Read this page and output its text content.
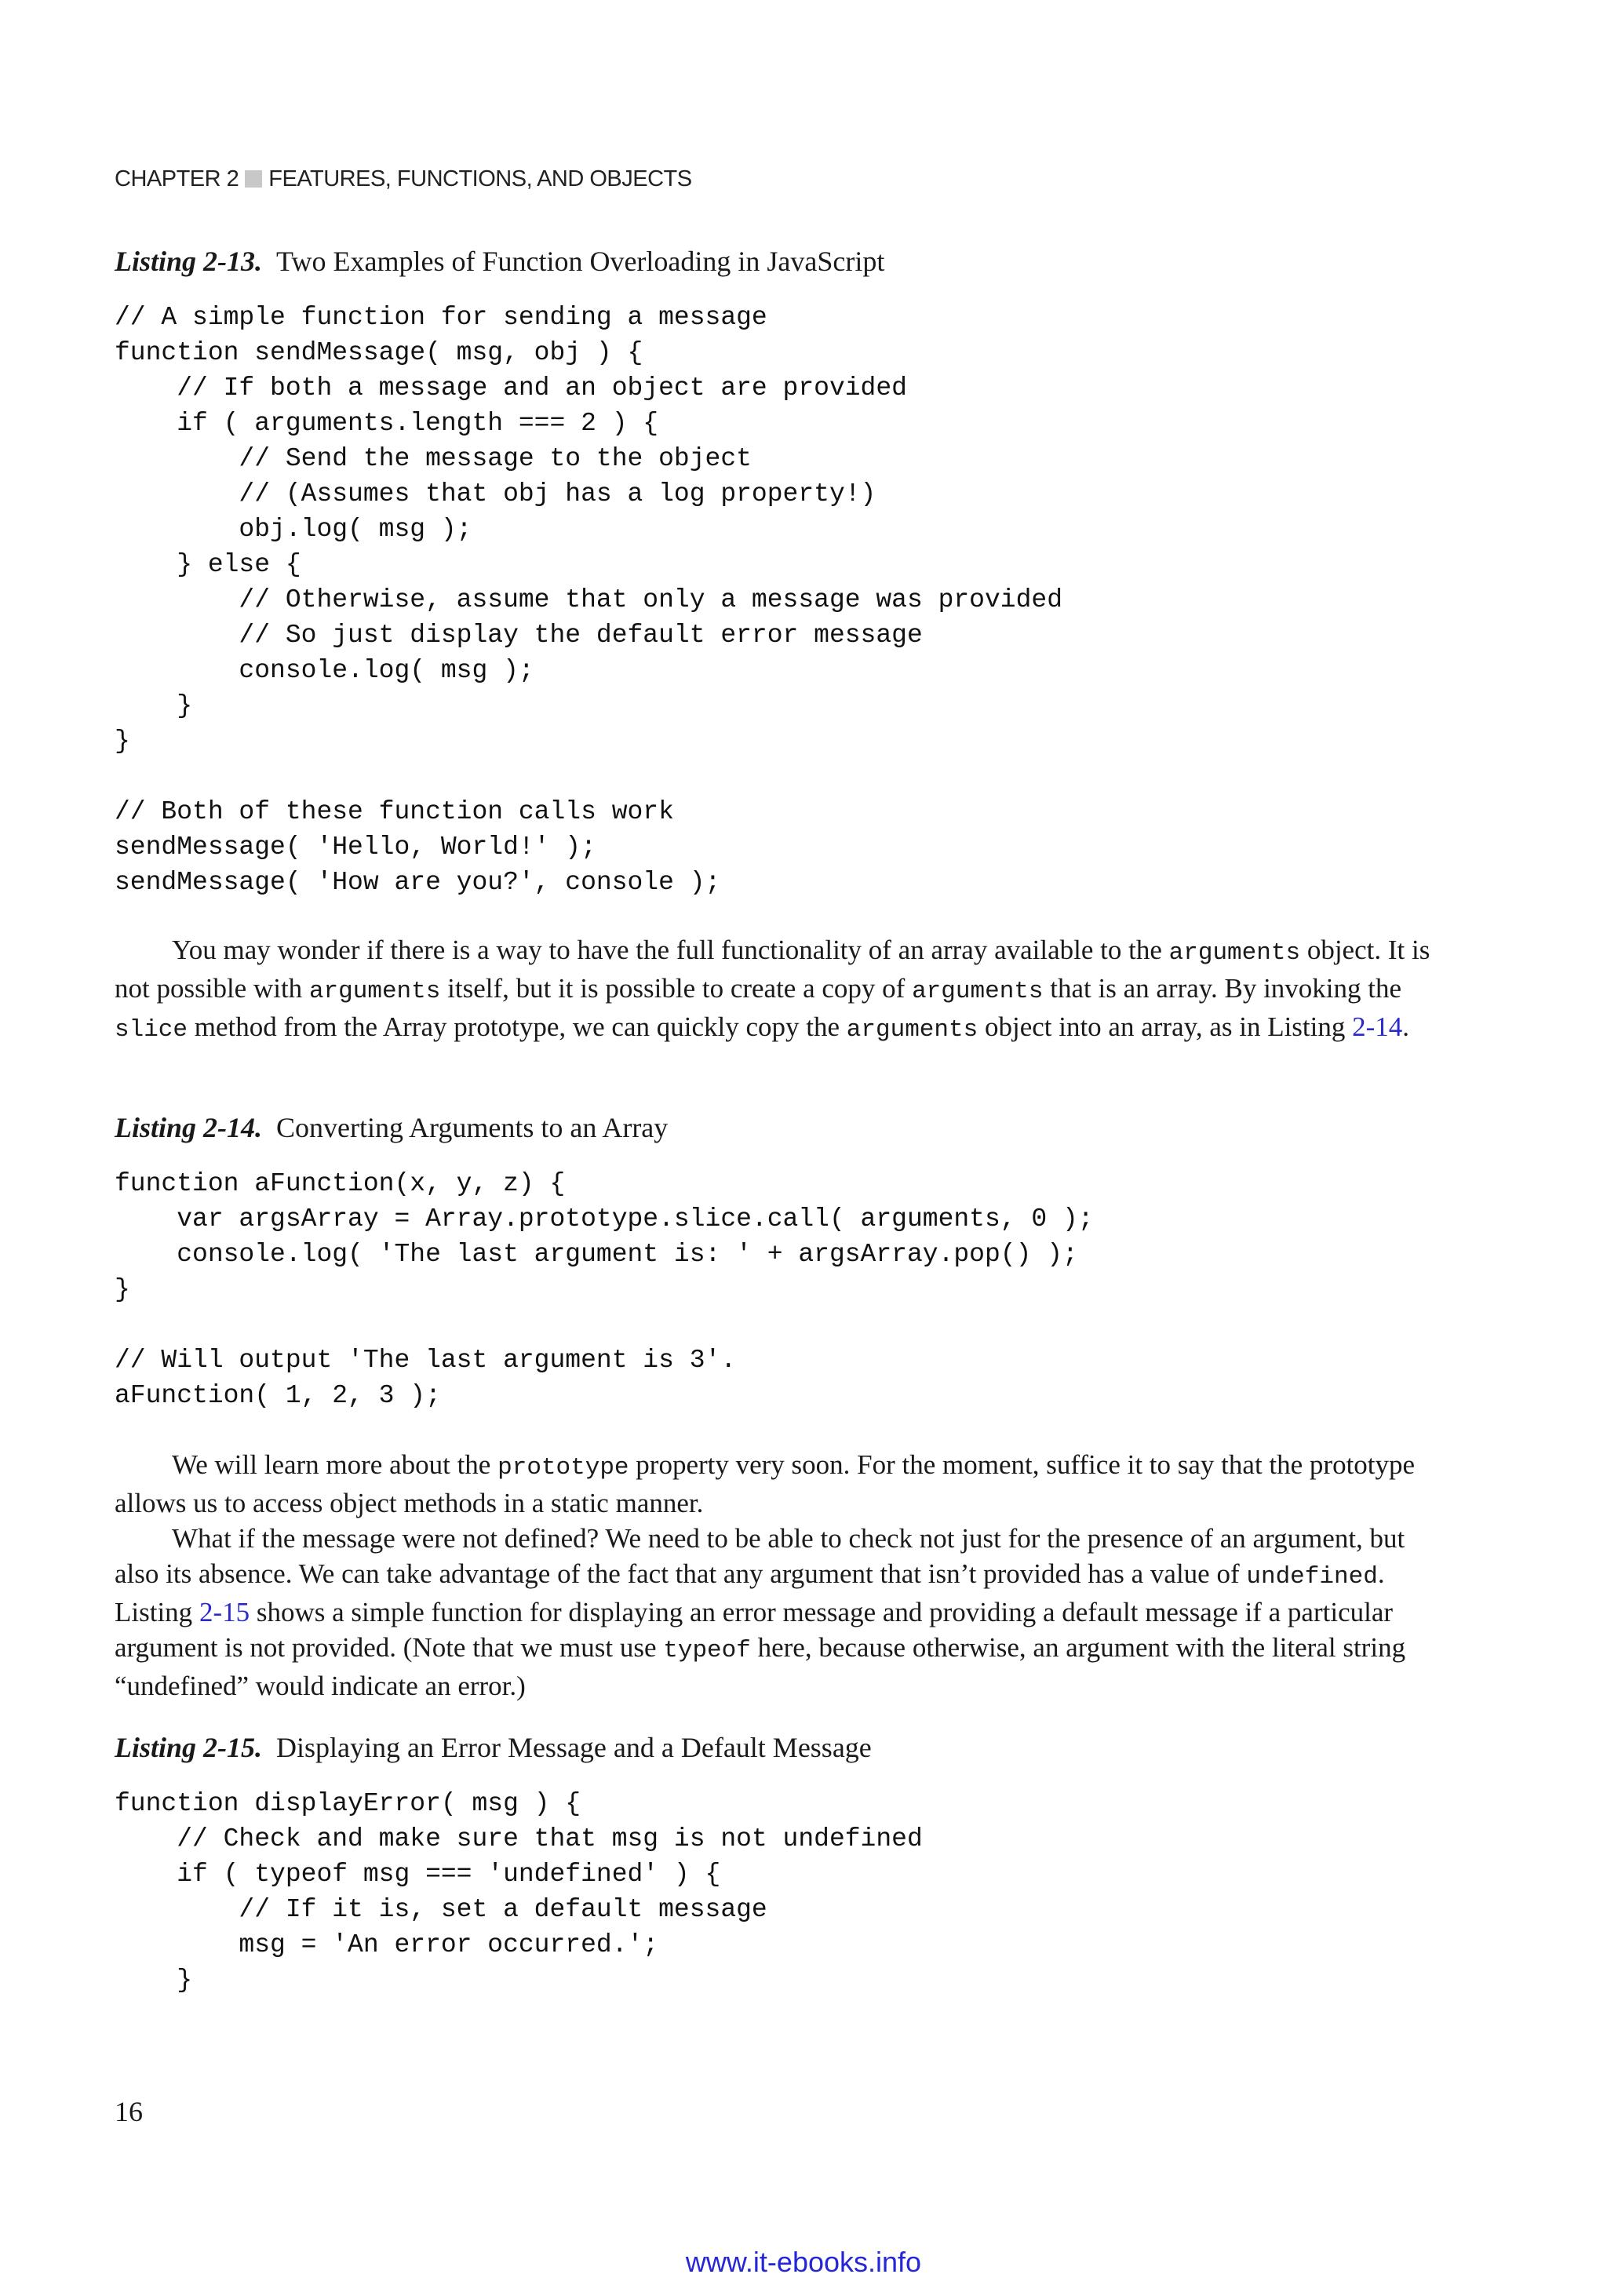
CHAPTER 2 FEATURES, FUNCTIONS, AND OBJECTS
Listing 2-13. Two Examples of Function Overloading in JavaScript
// A simple function for sending a message
function sendMessage( msg, obj ) {
// If both a message and an object are provided
if ( arguments.length === 2 ) {
// Send the message to the object
// (Assumes that obj has a log property!)
obj.log( msg );
} else {
// Otherwise, assume that only a message was provided
// So just display the default error message
console.log( msg );
}
}

// Both of these function calls work
sendMessage( 'Hello, World!' );
sendMessage( 'How are you?', console );

You may wonder if there is a way to have the full functionality of an array available to the arguments object. It is not possible with arguments itself, but it is possible to create a copy of arguments that is an array. By invoking the slice method from the Array prototype, we can quickly copy the arguments object into an array, as in Listing 2-14.

Listing 2-14. Converting Arguments to an Array
function aFunction(x, y, z) {
var argsArray = Array.prototype.slice.call( arguments, 0 );
console.log( 'The last argument is: ' + argsArray.pop() );
}

// Will output 'The last argument is 3'.
aFunction( 1, 2, 3 );

We will learn more about the prototype property very soon. For the moment, suffice it to say that the prototype allows us to access object methods in a static manner.

What if the message were not defined? We need to be able to check not just for the presence of an argument, but also its absence. We can take advantage of the fact that any argument that isn’t provided has a value of undefined. Listing 2-15 shows a simple function for displaying an error message and providing a default message if a particular argument is not provided. (Note that we must use typeof here, because otherwise, an argument with the literal string “undefined” would indicate an error.)

Listing 2-15. Displaying an Error Message and a Default Message
function displayError( msg ) {
// Check and make sure that msg is not undefined
if ( typeof msg === 'undefined' ) {
// If it is, set a default message
msg = 'An error occurred.';
}
16
www.it-ebooks.info
